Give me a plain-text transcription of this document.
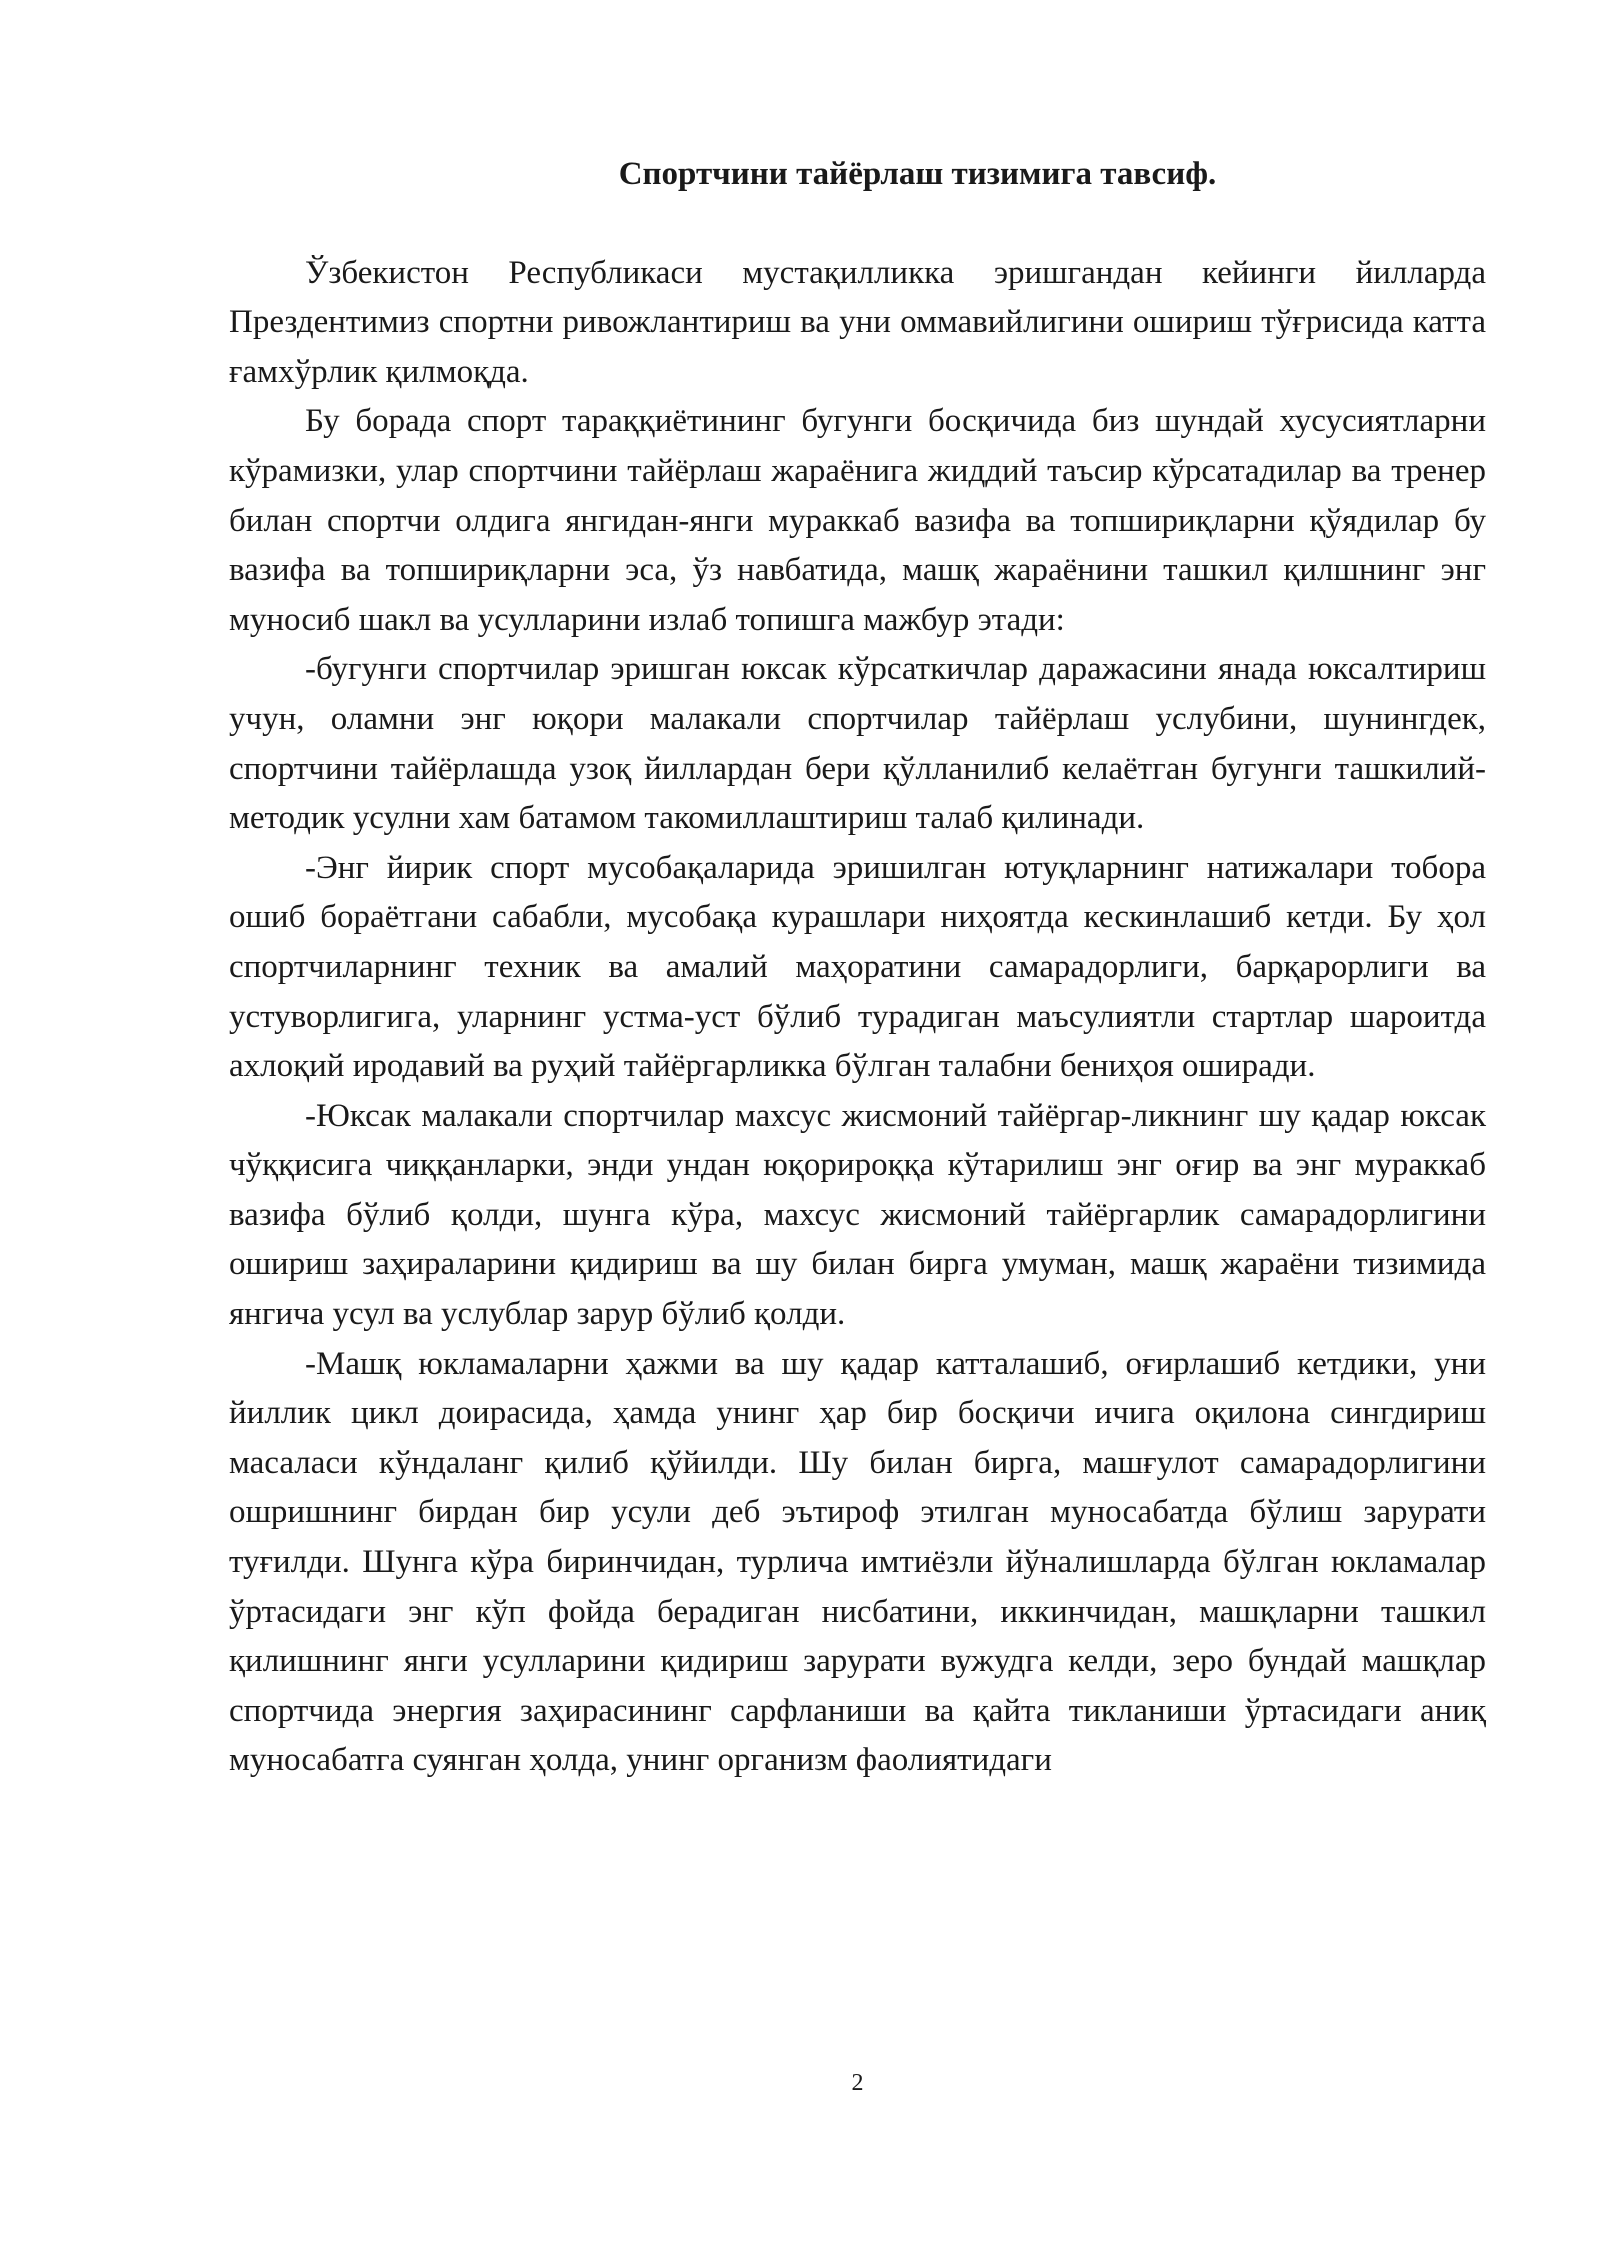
Спортчини тайёрлаш тизимига тавсиф.

Ўзбекистон Республикаси мустақилликка эришгандан кейинги йилларда Прездентимиз спортни ривожлантириш ва уни оммавийлигини ошириш тўғрисида катта ғамхўрлик қилмоқда.

Бу борада спорт тараққиётининг бугунги босқичида биз шундай хусусиятларни кўрамизки, улар спортчини тайёрлаш жараёнига жиддий таъсир кўрсатадилар ва тренер билан спортчи олдига янгидан-янги мураккаб вазифа ва топшириқларни қўядилар бу вазифа ва топшириқларни эса, ўз навбатида, машқ жараёнини ташкил қилшнинг энг муносиб шакл ва усулларини излаб топишга мажбур этади:

-бугунги спортчилар эришган юксак кўрсаткичлар даражасини янада юксалтириш учун, оламни энг юқори малакали спортчилар тайёрлаш услубини, шунингдек, спортчини тайёрлашда узоқ йиллардан бери қўлланилиб келаётган бугунги ташкилий-методик усулни хам батамом такомиллаштириш талаб қилинади.

-Энг йирик спорт мусобақаларида эришилган ютуқларнинг натижалари тобора ошиб бораётгани сабабли, мусобақа курашлари ниҳоятда кескинлашиб кетди. Бу ҳол спортчиларнинг техник ва амалий маҳоратини самарадорлиги, барқарорлиги ва устуворлигига, уларнинг устма-уст бўлиб турадиган маъсулиятли стартлар шароитда ахлоқий иродавий ва руҳий тайёргарликка бўлган талабни бениҳоя оширади.

-Юксак малакали спортчилар махсус жисмоний тайёргар-ликнинг шу қадар юксак чўққисига чиққанларки, энди ундан юқорироққа кўтарилиш энг оғир ва энг мураккаб вазифа бўлиб қолди, шунга кўра, махсус жисмоний тайёргарлик самарадорлигини ошириш заҳираларини қидириш ва шу билан бирга умуман, машқ жараёни тизимида янгича усул ва услублар зарур бўлиб қолди.

-Машқ юкламаларни ҳажми ва шу қадар катталашиб, оғирлашиб кетдики, уни йиллик цикл доирасида, ҳамда унинг ҳар бир босқичи ичига оқилона сингдириш масаласи кўндаланг қилиб қўйилди. Шу билан бирга, машғулот самарадорлигини ошришнинг бирдан бир усули деб эътироф этилган муносабатда бўлиш зарурати туғилди. Шунга кўра биринчидан, турлича имтиёзли йўналишларда бўлган юкламалар ўртасидаги энг кўп фойда берадиган нисбатини, иккинчидан, машқларни ташкил қилишнинг янги усулларини қидириш зарурати вужудга келди, зеро бундай машқлар спортчида энергия заҳирасининг сарфланиши ва қайта тикланиши ўртасидаги аниқ муносабатга суянган ҳолда, унинг организм фаолиятидаги

2
